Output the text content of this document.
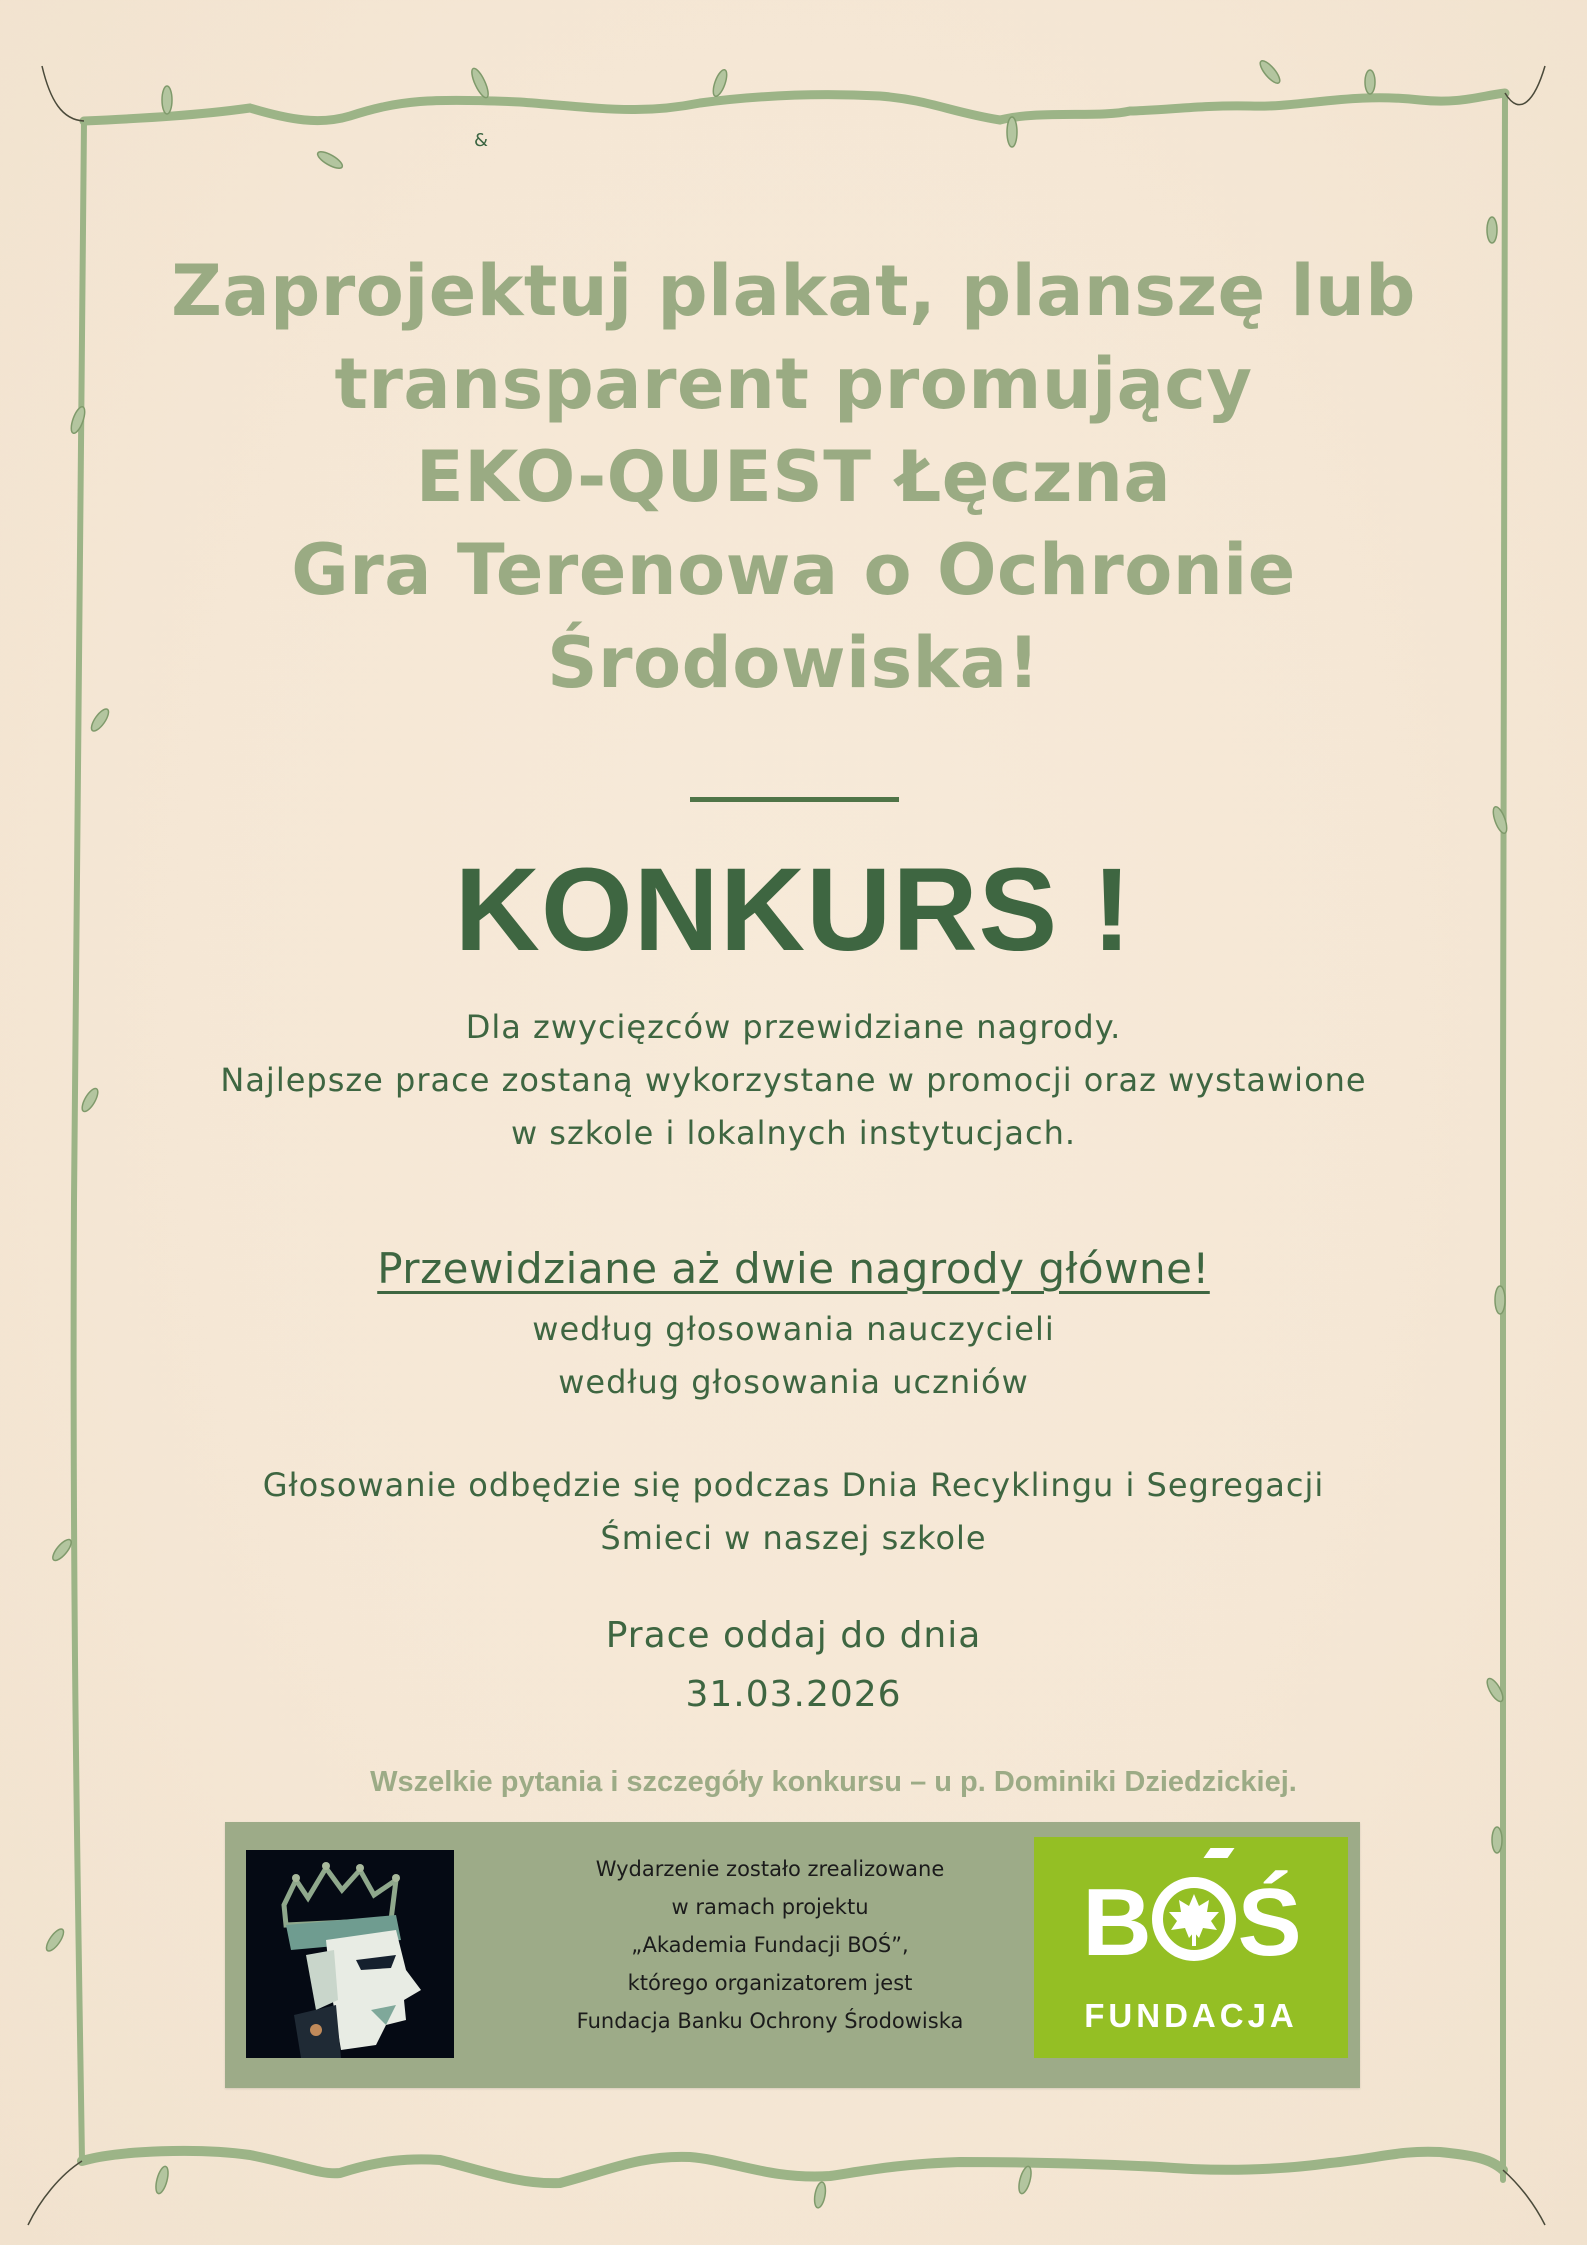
&
Zaprojektuj plakat, planszę lub
transparent promujący
EKO-QUEST Łęczna
Gra Terenowa o Ochronie
Środowiska!
KONKURS !
Dla zwycięzców przewidziane nagrody.
Najlepsze prace zostaną wykorzystane w promocji oraz wystawione
w szkole i lokalnych instytucjach.
Przewidziane aż dwie nagrody główne!
według głosowania nauczycieli
według głosowania uczniów
Głosowanie odbędzie się podczas Dnia Recyklingu i Segregacji
Śmieci w naszej szkole
Prace oddaj do dnia
31.03.2026
Wszelkie pytania i szczegóły konkursu – u p. Dominiki Dziedzickiej.
Wydarzenie zostało zrealizowane
w ramach projektu
„Akademia Fundacji BOŚ”,
którego organizatorem jest
Fundacja Banku Ochrony Środowiska
B Ś
FUNDACJA
